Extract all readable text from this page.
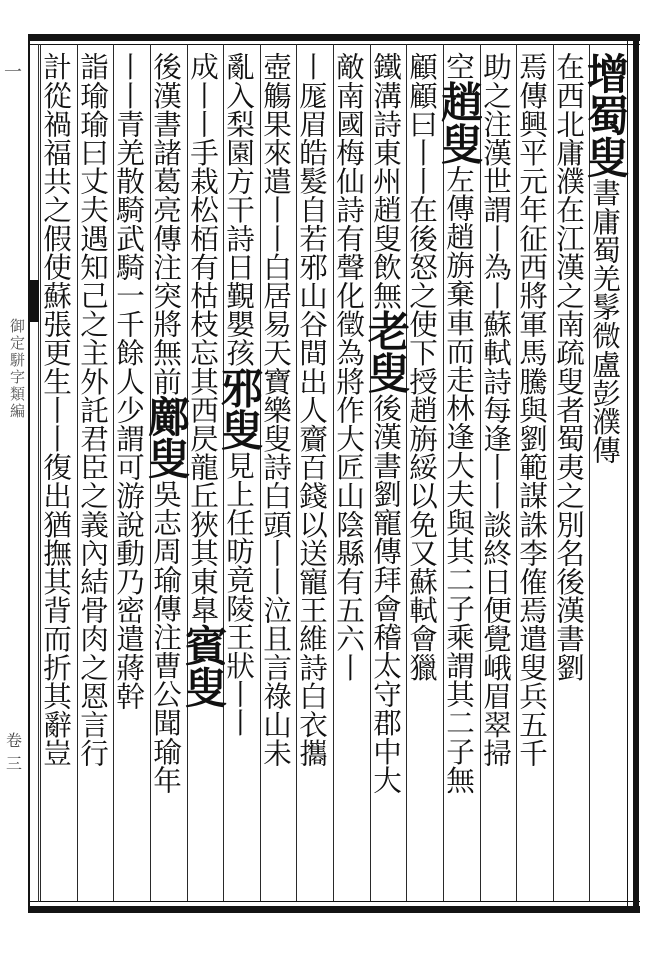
一
御定駢字類編
卷三
增蜀叟書庸蜀羌髳微盧彭濮傳
在西北庸濮在江漢之南疏叟者蜀夷之別名後漢書劉
焉傳興平元年征西將軍馬騰與劉範謀誅李傕焉遣叟兵五千
助之注漢世謂丨為丨蘇軾詩每逢丨丨談終日便覺峨眉翠掃
空趙叟左傳趙旃棄車而走林逢大夫與其二子乘謂其二子無
顧顧曰丨丨在後怒之使下授趙旃綏以免又蘇軾會獵
鐵溝詩東州趙叟飲無老叟後漢書劉寵傳拜會稽太守郡中大
敵南國梅仙詩有聲化徵為將作大匠山陰縣有五六丨
丨厖眉皓髮自若邪山谷間出人齎百錢以送寵王維詩白衣攜
壺觴果來遣丨丨白居易天寶樂叟詩白頭丨丨泣且言祿山未
亂入梨園方干詩日覲嬰孩邪叟見上任昉竟陵王狀丨丨
成丨丨手栽松栢有枯枝忘其西昃龍丘狹其東臯賓叟
後漢書諸葛亮傳注突將無前鄺叟吳志周瑜傳注曹公聞瑜年
丨丨青羌散騎武騎一千餘人少謂可游說動乃密遣蔣幹
詣瑜瑜曰丈夫遇知己之主外託君臣之義內結骨肉之恩言行
計從禍福共之假使蘇張更生丨丨復出猶撫其背而折其辭豈
